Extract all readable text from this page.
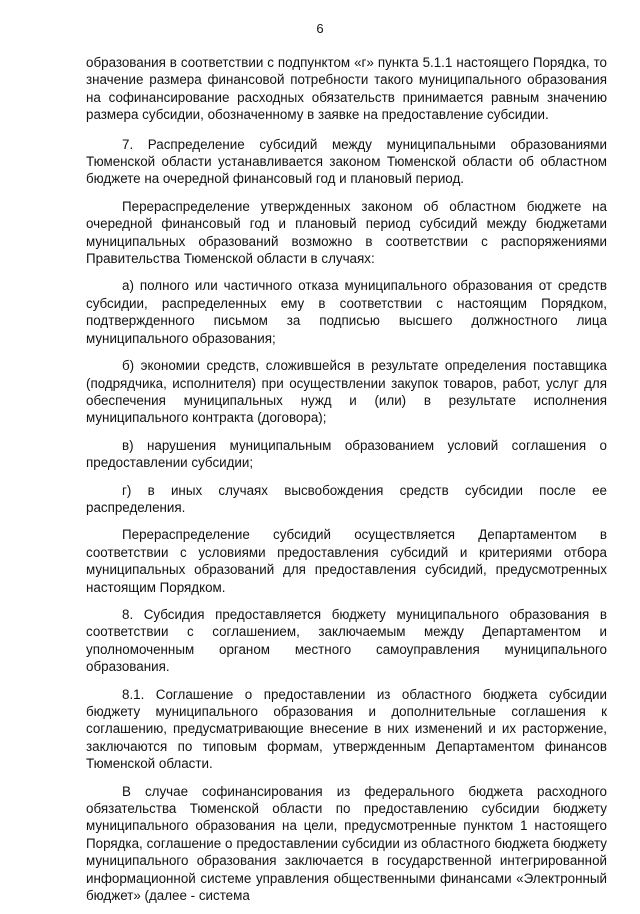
6

образования в соответствии с подпунктом «г» пункта 5.1.1 настоящего Порядка, то значение размера финансовой потребности такого муниципального образования на софинансирование расходных обязательств принимается равным значению размера субсидии, обозначенному в заявке на предоставление субсидии.

7. Распределение субсидий между муниципальными образованиями Тюменской области устанавливается законом Тюменской области об областном бюджете на очередной финансовый год и плановый период.

Перераспределение утвержденных законом об областном бюджете на очередной финансовый год и плановый период субсидий между бюджетами муниципальных образований возможно в соответствии с распоряжениями Правительства Тюменской области в случаях:

а) полного или частичного отказа муниципального образования от средств субсидии, распределенных ему в соответствии с настоящим Порядком, подтвержденного письмом за подписью высшего должностного лица муниципального образования;

б) экономии средств, сложившейся в результате определения поставщика (подрядчика, исполнителя) при осуществлении закупок товаров, работ, услуг для обеспечения муниципальных нужд и (или) в результате исполнения муниципального контракта (договора);

в) нарушения муниципальным образованием условий соглашения о предоставлении субсидии;

г) в иных случаях высвобождения средств субсидии после ее распределения.

Перераспределение субсидий осуществляется Департаментом в соответствии с условиями предоставления субсидий и критериями отбора муниципальных образований для предоставления субсидий, предусмотренных настоящим Порядком.

8. Субсидия предоставляется бюджету муниципального образования в соответствии с соглашением, заключаемым между Департаментом и уполномоченным органом местного самоуправления муниципального образования.

8.1. Соглашение о предоставлении из областного бюджета субсидии бюджету муниципального образования и дополнительные соглашения к соглашению, предусматривающие внесение в них изменений и их расторжение, заключаются по типовым формам, утвержденным Департаментом финансов Тюменской области.

В случае софинансирования из федерального бюджета расходного обязательства Тюменской области по предоставлению субсидии бюджету муниципального образования на цели, предусмотренные пунктом 1 настоящего Порядка, соглашение о предоставлении субсидии из областного бюджета бюджету муниципального образования заключается в государственной интегрированной информационной системе управления общественными финансами «Электронный бюджет» (далее - система
